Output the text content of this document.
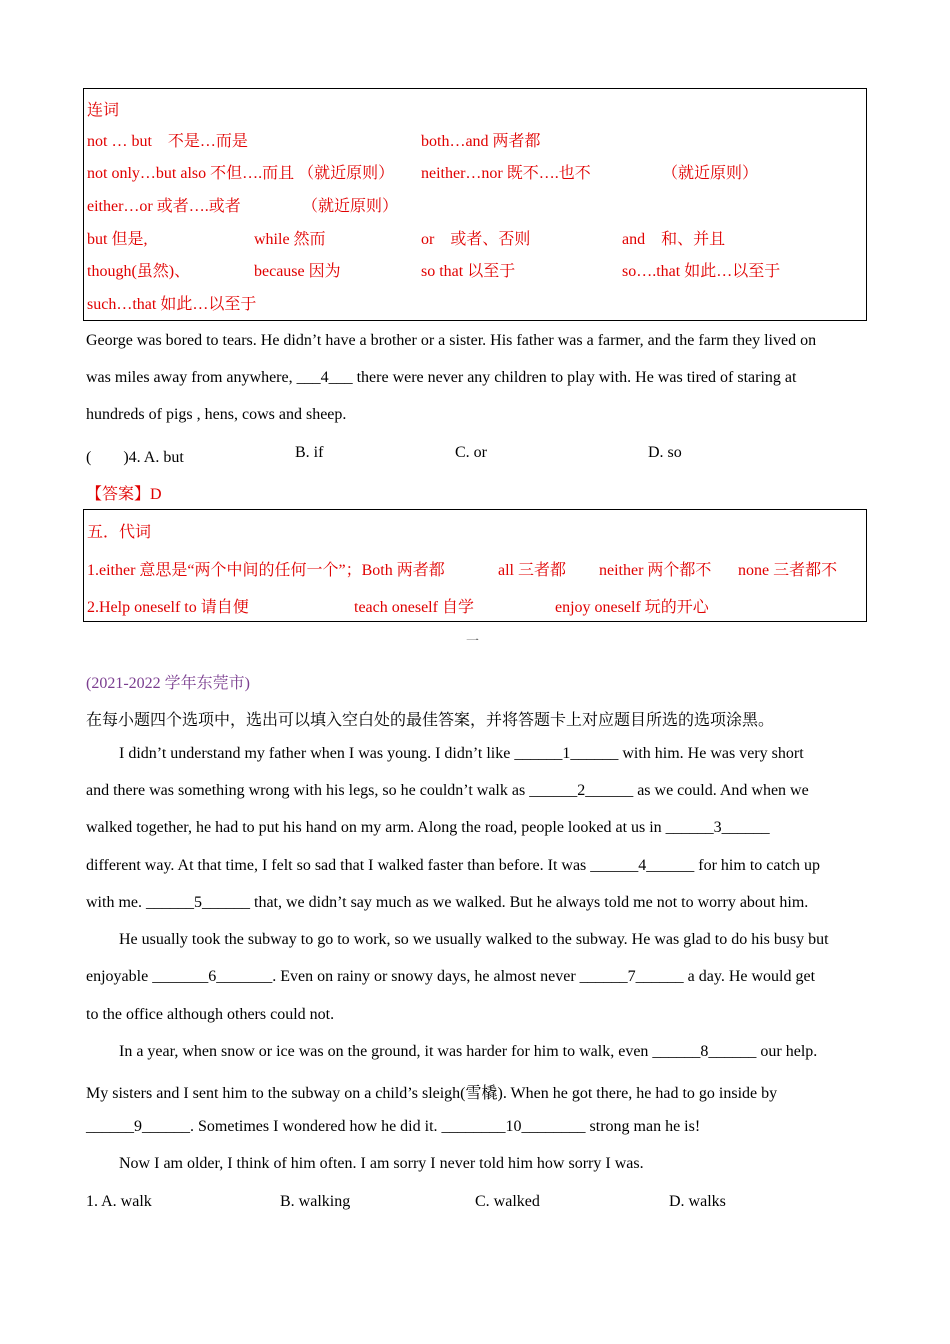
连词
not … but　不是…而是	both…and 两者都
not only…but also 不但….而且 （就近原则） neither…nor 既不….也不	（就近原则）
either…or 或者….或者	（就近原则）
but 但是,	while 然而	or　或者、否则	and　和、并且
though(虽然)、	because 因为	so that 以至于	so….that 如此…以至于
such…that 如此…以至于
George was bored to tears. He didn’t have a brother or a sister. His father was a farmer, and the farm they lived on
was miles away from anywhere, ___4___ there were never any children to play with. He was tired of staring at
hundreds of pigs , hens, cows and sheep.
(　　)4. A. but	B. if	C. or	D. so
【答案】D
五．代词
1.either 意思是“两个中间的任何一个”；Both 两者都	all 三者都 neither 两个都不 none 三者都不
2.Help oneself to 请自便	teach oneself 自学	enjoy oneself 玩的开心
一
(2021-2022 学年东莞市)
在每小题四个选项中，选出可以填入空白处的最佳答案，并将答题卡上对应题目所选的选项涂黑。
I didn’t understand my father when I was young. I didn’t like ______1______ with him. He was very short
and there was something wrong with his legs, so he couldn’t walk as ______2______ as we could. And when we
walked together, he had to put his hand on my arm. Along the road, people looked at us in ______3______
different way. At that time, I felt so sad that I walked faster than before. It was ______4______ for him to catch up
with me. ______5______ that, we didn’t say much as we walked. But he always told me not to worry about him.
He usually took the subway to go to work, so we usually walked to the subway. He was glad to do his busy but
enjoyable _______6_______. Even on rainy or snowy days, he almost never ______7______ a day. He would get
to the office although others could not.
In a year, when snow or ice was on the ground, it was harder for him to walk, even ______8______ our help.
My sisters and I sent him to the subway on a child’s sleigh(雪橇). When he got there, he had to go inside by
______9______. Sometimes I wondered how he did it. ________10________ strong man he is!
Now I am older, I think of him often. I am sorry I never told him how sorry I was.
1. A. walk	B. walking	C. walked	D. walks
